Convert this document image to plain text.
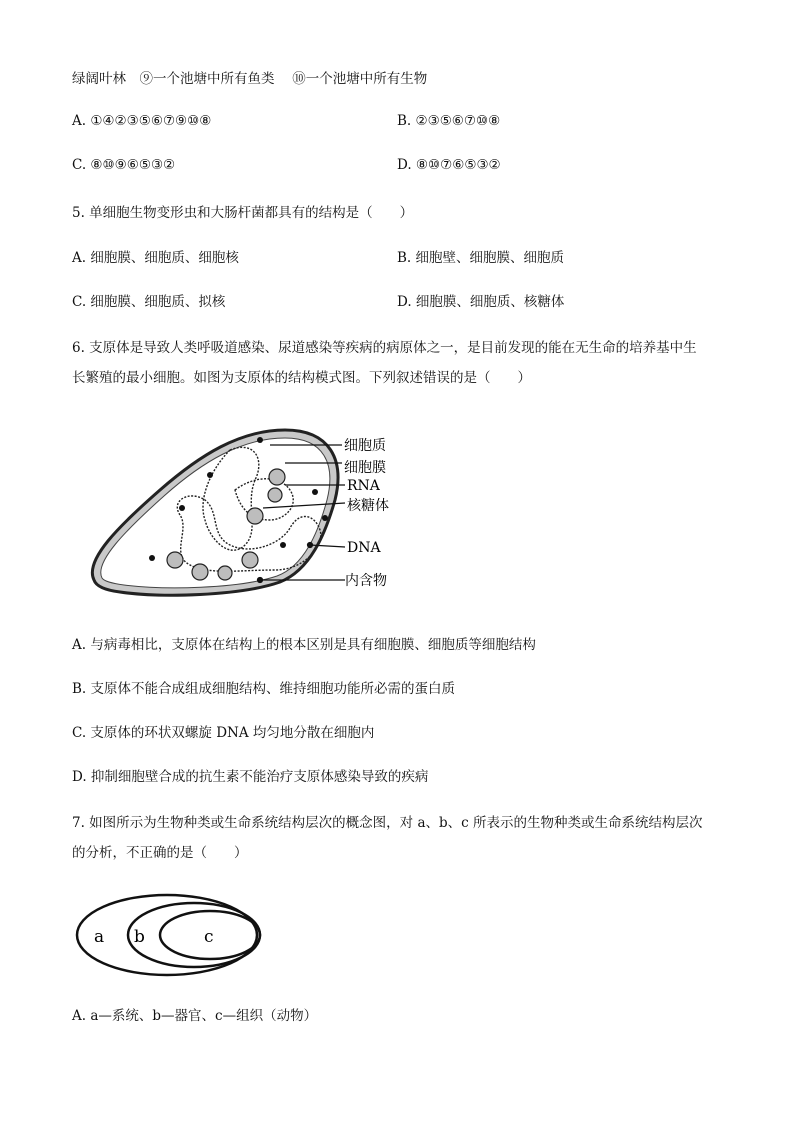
绿阔叶林　⑨一个池塘中所有鱼类　 ⑩一个池塘中所有生物
A. ①④②③⑤⑥⑦⑨⑩⑧	B. ②③⑤⑥⑦⑩⑧
C. ⑧⑩⑨⑥⑤③②	D. ⑧⑩⑦⑥⑤③②
5. 单细胞生物变形虫和大肠杆菌都具有的结构是（　　）
A. 细胞膜、细胞质、细胞核	B. 细胞壁、细胞膜、细胞质
C. 细胞膜、细胞质、拟核	D. 细胞膜、细胞质、核糖体
6. 支原体是导致人类呼吸道感染、尿道感染等疾病的病原体之一，是目前发现的能在无生命的培养基中生
长繁殖的最小细胞。如图为支原体的结构模式图。下列叙述错误的是（　　）
细胞质
细胞膜
RNA
核糖体
DNA
内含物
A. 与病毒相比，支原体在结构上的根本区别是具有细胞膜、细胞质等细胞结构
B. 支原体不能合成组成细胞结构、维持细胞功能所必需的蛋白质
C. 支原体的环状双螺旋 DNA 均匀地分散在细胞内
D. 抑制细胞壁合成的抗生素不能治疗支原体感染导致的疾病
7. 如图所示为生物种类或生命系统结构层次的概念图，对 a、b、c 所表示的生物种类或生命系统结构层次
的分析，不正确的是（　　）
a b	c
A. a—系统、b—器官、c—组织（动物）
